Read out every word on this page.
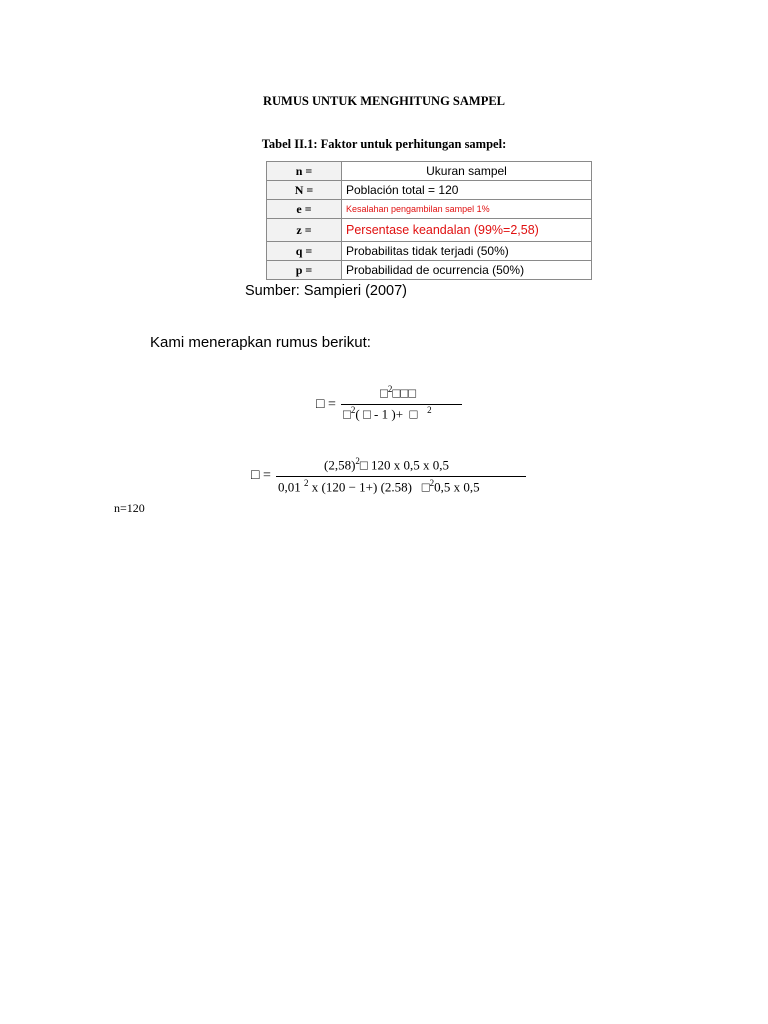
RUMUS UNTUK MENGHITUNG SAMPEL
Tabel II.1: Faktor untuk perhitungan sampel:
n =	Ukuran sampel
N =	Población total = 120
e =	Kesalahan pengambilan sampel 1%
z =	Persentase keandalan (99%=2,58)
q =	Probabilitas tidak terjadi (50%)
p =	Probabilidad de ocurrencia (50%)
Sumber: Sampieri (2007)
Kami menerapkan rumus berikut:
□ =
□$^2$□□□
□$^2$( □ - 1 )+ □ $^2$
□ =
$(2,58)^2□$ 120 x 0,5 x 0,5
0,01 $^2$ x (120 − 1+) (2.58) □$^2$0,5 x 0,5
n=120
